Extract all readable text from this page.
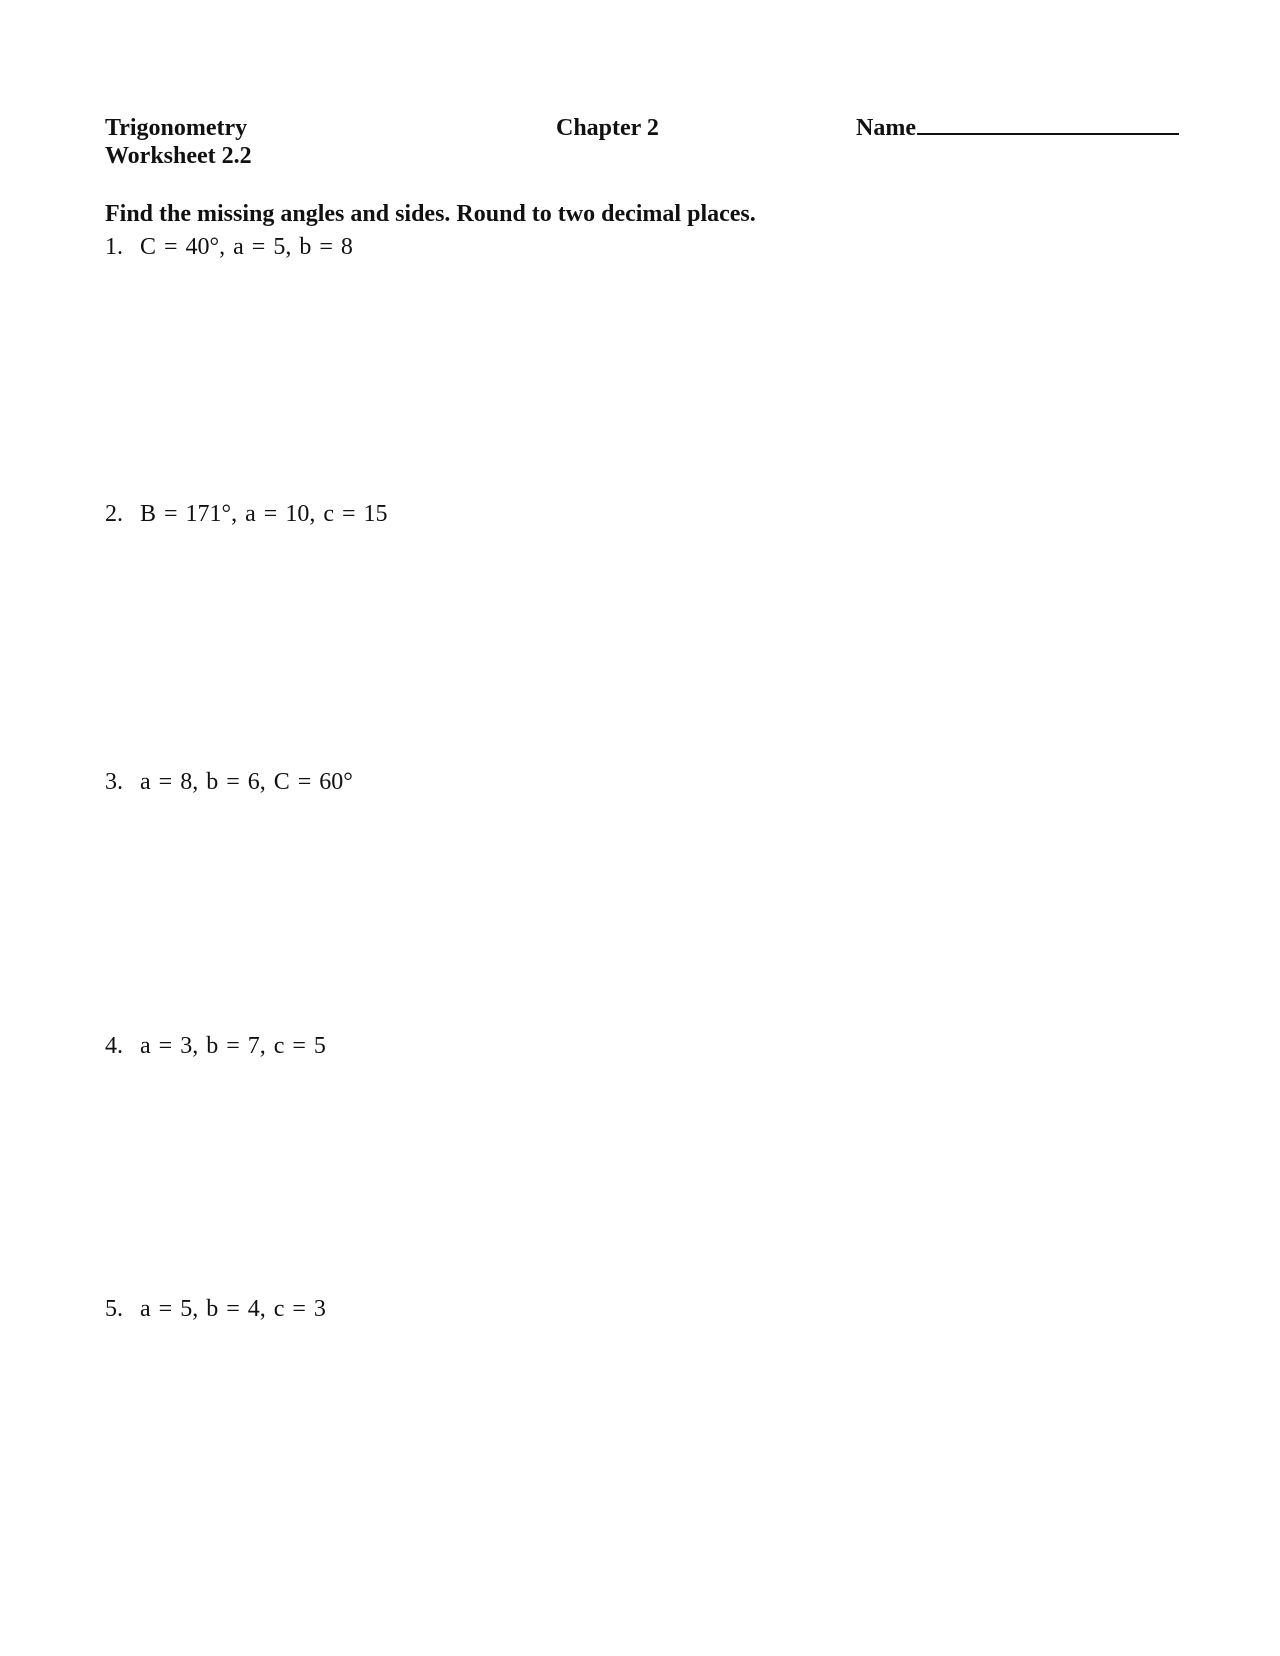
Trigonometry
Worksheet 2.2
Chapter 2	Name
Find the missing angles and sides. Round to two decimal places.
1. C = 40°, a = 5, b = 8
2. B = 171°, a = 10, c = 15
3. a = 8, b = 6, C = 60°
4. a = 3, b = 7, c = 5
5. a = 5, b = 4, c = 3
